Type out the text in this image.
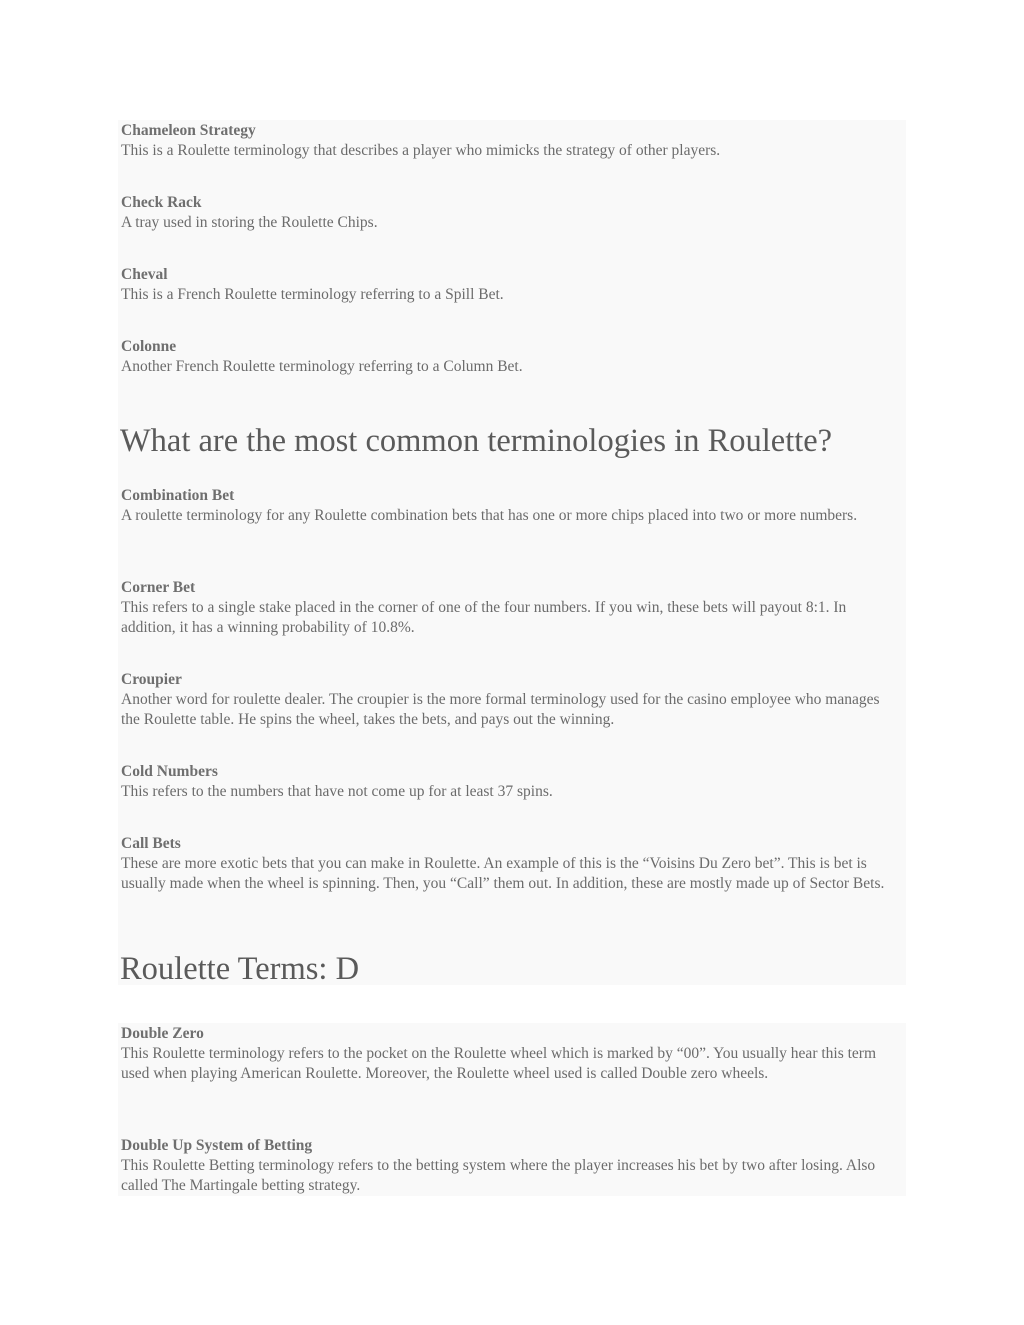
Chameleon Strategy
This is a Roulette terminology that describes a player who mimicks the strategy of other players.
Check Rack
A tray used in storing the Roulette Chips.
Cheval
This is a French Roulette terminology referring to a Spill Bet.
Colonne
Another French Roulette terminology referring to a Column Bet.
What are the most common terminologies in Roulette?
Combination Bet
A roulette terminology for any Roulette combination bets that has one or more chips placed into two or more numbers.
Corner Bet
This refers to a single stake placed in the corner of one of the four numbers. If you win, these bets will payout 8:1. In addition, it has a winning probability of 10.8%.
Croupier
Another word for roulette dealer. The croupier is the more formal terminology used for the casino employee who manages the Roulette table. He spins the wheel, takes the bets, and pays out the winning.
Cold Numbers
This refers to the numbers that have not come up for at least 37 spins.
Call Bets
These are more exotic bets that you can make in Roulette. An example of this is the “Voisins Du Zero bet”. This is bet is usually made when the wheel is spinning. Then, you “Call” them out. In addition, these are mostly made up of Sector Bets.
Roulette Terms: D
Double Zero
This Roulette terminology refers to the pocket on the Roulette wheel which is marked by “00”. You usually hear this term used when playing American Roulette. Moreover, the Roulette wheel used is called Double zero wheels.
Double Up System of Betting
This Roulette Betting terminology refers to the betting system where the player increases his bet by two after losing. Also called The Martingale betting strategy.
